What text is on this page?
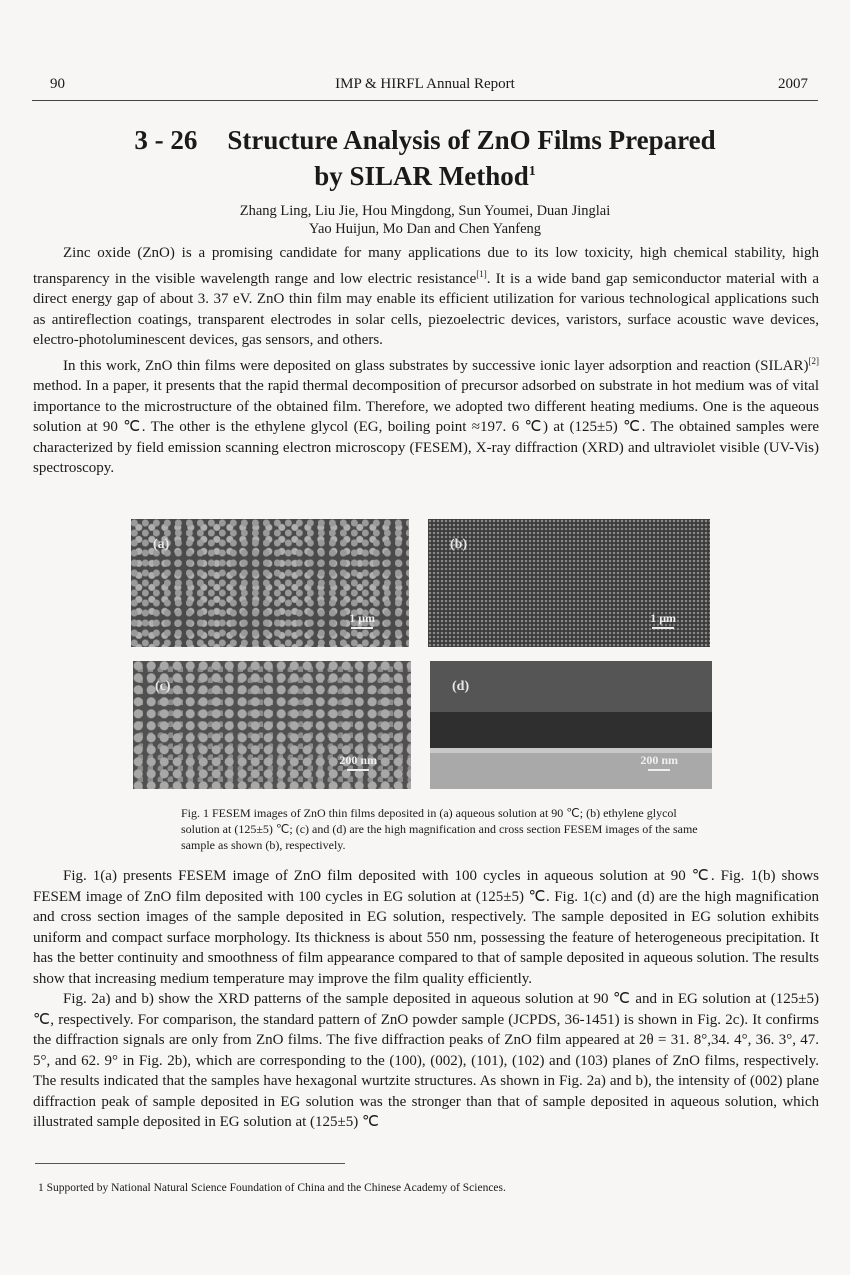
90	IMP & HIRFL Annual Report	2007
3 - 26 Structure Analysis of ZnO Films Prepared
by SILAR Method$^1$
Zhang Ling, Liu Jie, Hou Mingdong, Sun Youmei, Duan Jinglai
Yao Huijun, Mo Dan and Chen Yanfeng

Zinc oxide (ZnO) is a promising candidate for many applications due to its low toxicity, high chemical stability, high transparency in the visible wavelength range and low electric resistance[1]. It is a wide band gap semiconductor material with a direct energy gap of about 3. 37 eV. ZnO thin film may enable its efficient utilization for various technological applications such as antireflection coatings, transparent electrodes in solar cells, piezoelectric devices, varistors, surface acoustic wave devices, electro-photoluminescent devices, gas sensors, and others.

In this work, ZnO thin films were deposited on glass substrates by successive ionic layer adsorption and reaction (SILAR)[2] method. In a paper, it presents that the rapid thermal decomposition of precursor adsorbed on substrate in hot medium was of vital importance to the microstructure of the obtained film. Therefore, we adopted two different heating mediums. One is the aqueous solution at 90 ℃. The other is the ethylene glycol (EG, boiling point ≈197. 6 ℃) at (125±5) ℃. The obtained samples were characterized by field emission scanning electron microscopy (FESEM), X-ray diffraction (XRD) and ultraviolet visible (UV-Vis) spectroscopy.

(a)
1 μm
(b)
1 μm
(c)
200 nm
(d)
200 nm
Fig. 1 FESEM images of ZnO thin films deposited in (a) aqueous solution at 90 ℃; (b) ethylene glycol solution at (125±5) ℃; (c) and (d) are the high magnification and cross section FESEM images of the same sample as shown (b), respectively.

Fig. 1(a) presents FESEM image of ZnO film deposited with 100 cycles in aqueous solution at 90 ℃. Fig. 1(b) shows FESEM image of ZnO film deposited with 100 cycles in EG solution at (125±5) ℃. Fig. 1(c) and (d) are the high magnification and cross section images of the sample deposited in EG solution, respectively. The sample deposited in EG solution exhibits uniform and compact surface morphology. Its thickness is about 550 nm, possessing the feature of heterogeneous precipitation. It has the better continuity and smoothness of film appearance compared to that of sample deposited in aqueous solution. The results show that increasing medium temperature may improve the film quality efficiently.

Fig. 2a) and b) show the XRD patterns of the sample deposited in aqueous solution at 90 ℃ and in EG solution at (125±5) ℃, respectively. For comparison, the standard pattern of ZnO powder sample (JCPDS, 36-1451) is shown in Fig. 2c). It confirms the diffraction signals are only from ZnO films. The five diffraction peaks of ZnO film appeared at 2θ = 31. 8°,34. 4°, 36. 3°, 47. 5°, and 62. 9° in Fig. 2b), which are corresponding to the (100), (002), (101), (102) and (103) planes of ZnO films, respectively. The results indicated that the samples have hexagonal wurtzite structures. As shown in Fig. 2a) and b), the intensity of (002) plane diffraction peak of sample deposited in EG solution was the stronger than that of sample deposited in aqueous solution, which illustrated sample deposited in EG solution at (125±5) ℃

1 Supported by National Natural Science Foundation of China and the Chinese Academy of Sciences.
